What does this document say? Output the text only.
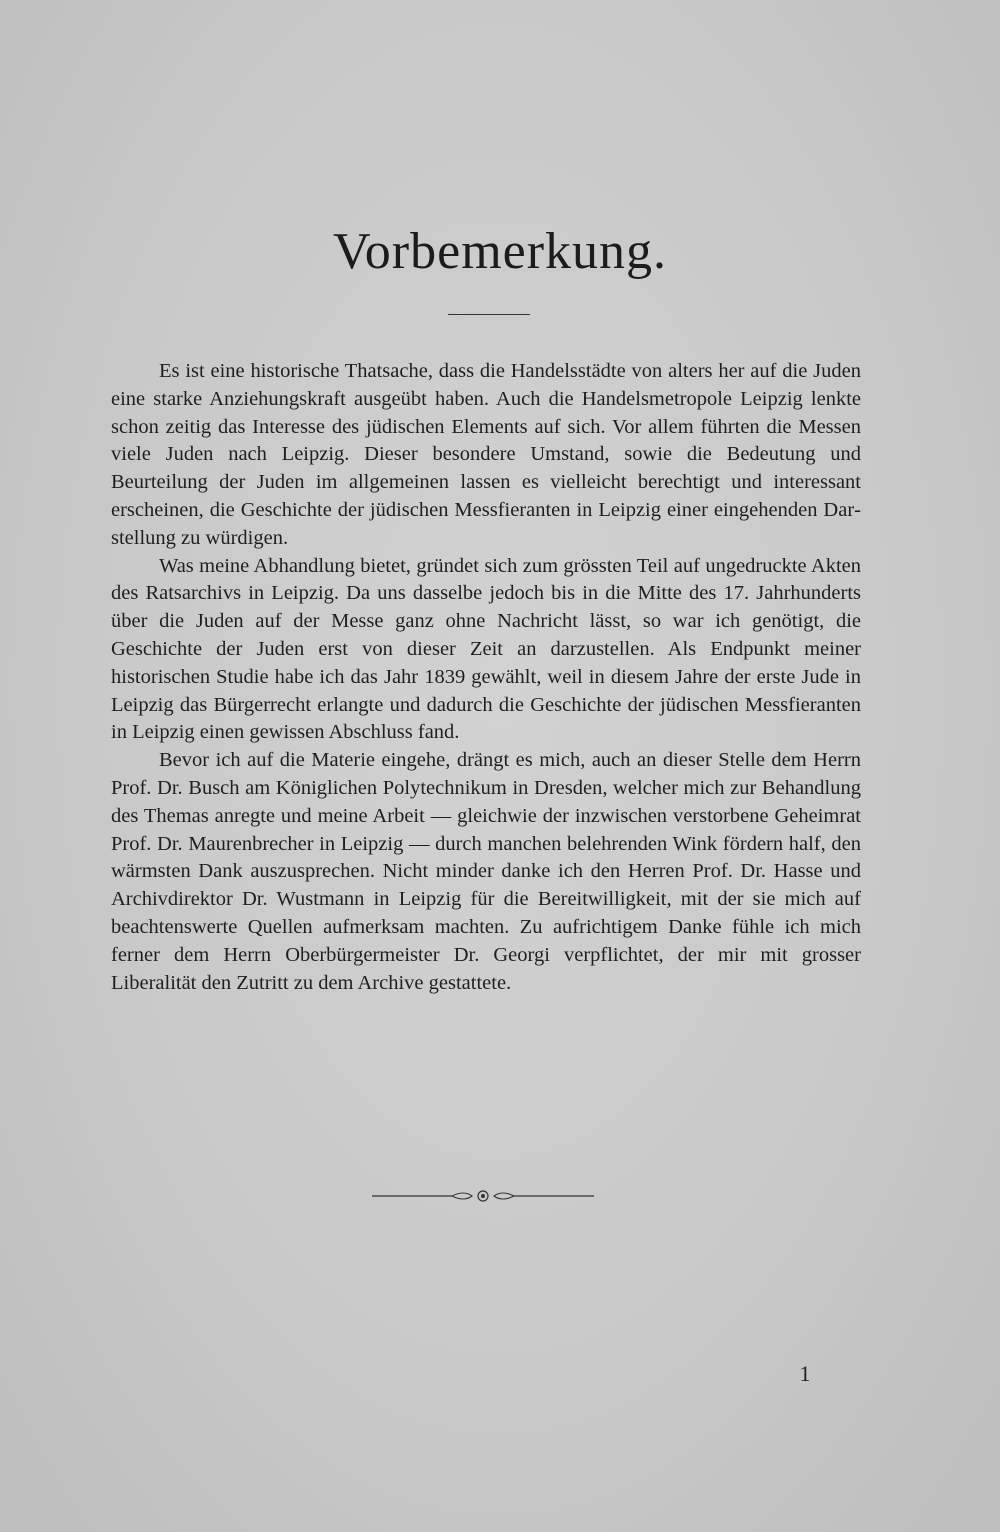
Vorbemerkung.

Es ist eine historische Thatsache, dass die Handelsstädte von alters her auf die Juden eine starke Anziehungskraft ausgeübt haben. Auch die Handelsmetropole Leipzig lenkte schon zeitig das Interesse des jüdischen Elements auf sich. Vor allem führten die Messen viele Juden nach Leipzig. Dieser besondere Umstand, sowie die Bedeutung und Beurteilung der Juden im allgemeinen lassen es vielleicht berechtigt und interessant erscheinen, die Geschichte der jüdischen Messfieranten in Leipzig einer eingehenden Darstellung zu würdigen.

Was meine Abhandlung bietet, gründet sich zum grössten Teil auf ungedruckte Akten des Ratsarchivs in Leipzig. Da uns dasselbe jedoch bis in die Mitte des 17. Jahrhunderts über die Juden auf der Messe ganz ohne Nachricht lässt, so war ich genötigt, die Geschichte der Juden erst von dieser Zeit an darzustellen. Als Endpunkt meiner historischen Studie habe ich das Jahr 1839 gewählt, weil in diesem Jahre der erste Jude in Leipzig das Bürgerrecht erlangte und dadurch die Geschichte der jüdischen Messfieranten in Leipzig einen gewissen Abschluss fand.

Bevor ich auf die Materie eingehe, drängt es mich, auch an dieser Stelle dem Herrn Prof. Dr. Busch am Königlichen Polytechnikum in Dresden, welcher mich zur Behandlung des Themas anregte und meine Arbeit — gleichwie der inzwischen verstorbene Geheimrat Prof. Dr. Maurenbrecher in Leipzig — durch manchen belehrenden Wink fördern half, den wärmsten Dank auszusprechen. Nicht minder danke ich den Herren Prof. Dr. Hasse und Archivdirektor Dr. Wustmann in Leipzig für die Bereitwilligkeit, mit der sie mich auf beachtenswerte Quellen aufmerksam machten. Zu aufrichtigem Danke fühle ich mich ferner dem Herrn Oberbürgermeister Dr. Georgi verpflichtet, der mir mit grosser Liberalität den Zutritt zu dem Archive gestattete.

1
